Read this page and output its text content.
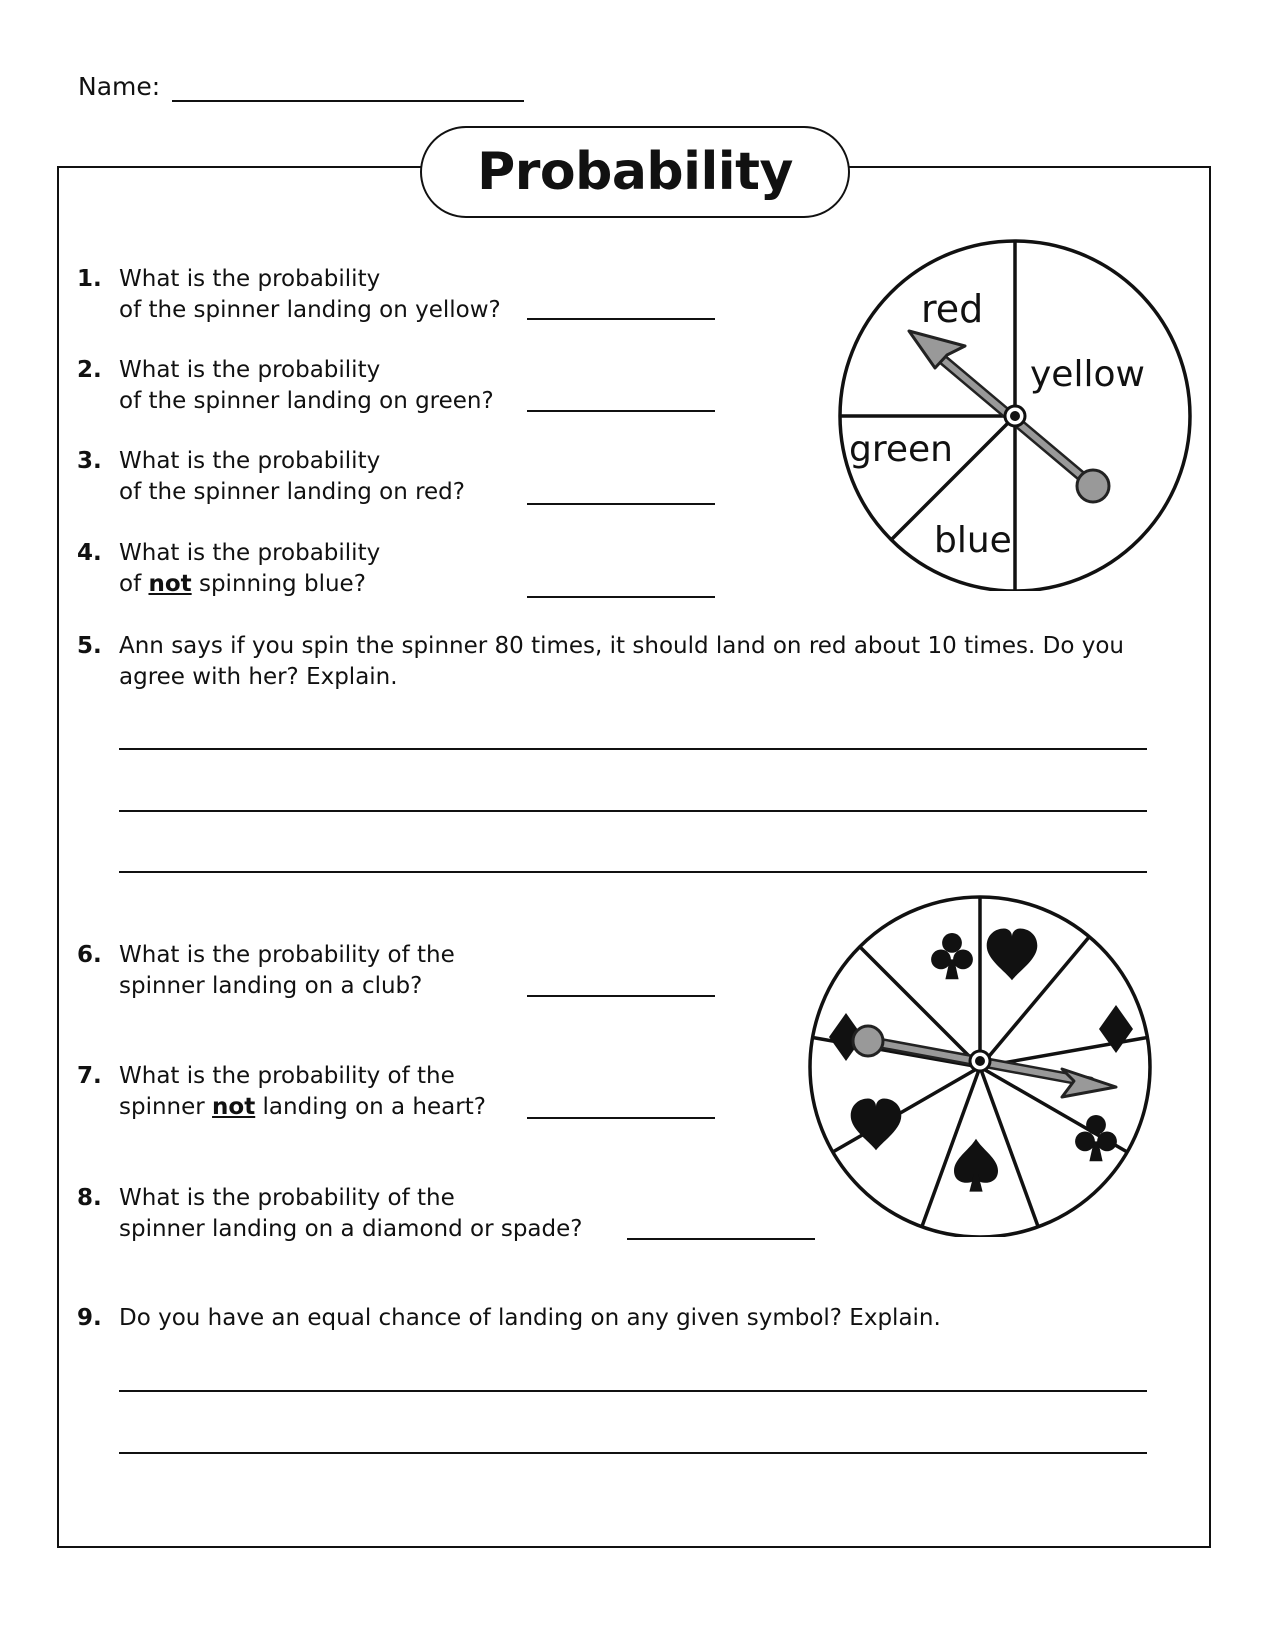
Name:
Probability
1. What is the probability
of the spinner landing on yellow?
2. What is the probability
of the spinner landing on green?
3. What is the probability
of the spinner landing on red?
4. What is the probability
of not spinning blue?
5. Ann says if you spin the spinner 80 times, it should land on red about 10 times. Do you
agree with her? Explain.
6. What is the probability of the
spinner landing on a club?
7. What is the probability of the
spinner not landing on a heart?
8. What is the probability of the
spinner landing on a diamond or spade?
9. Do you have an equal chance of landing on any given symbol? Explain.
red
yellow
green
blue
